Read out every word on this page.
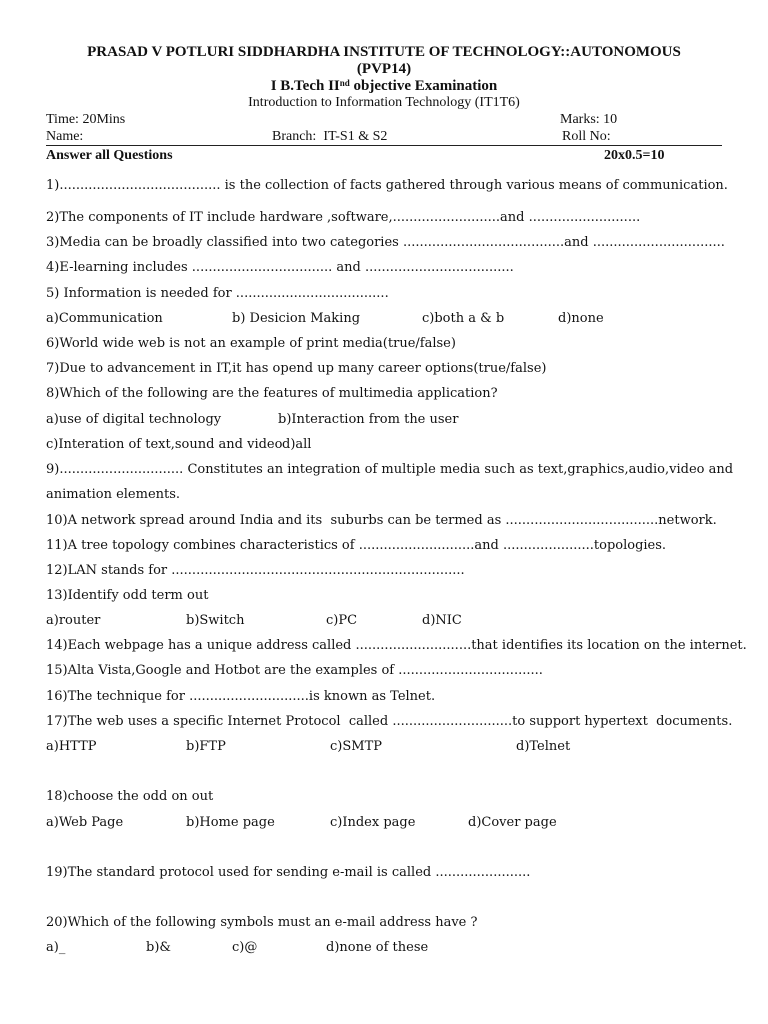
PRASAD V POTLURI SIDDHARDHA INSTITUTE OF TECHNOLOGY::AUTONOMOUS
(PVP14)
I B.Tech IInd objective Examination
Introduction to Information Technology (IT1T6)
Time: 20Mins	Marks: 10
Name:	Branch:  IT-S1 & S2	Roll No:
Answer all Questions	20x0.5=10
1)....................................... is the collection of facts gathered through various means of communication.
2)The components of IT include hardware ,software,..........................and ...........................
3)Media can be broadly classified into two categories .......................................and ................................
4)E-learning includes .................................. and ....................................
5) Information is needed for .....................................
a)Communication	b) Desicion Making	c)both a & b	d)none
6)World wide web is not an example of print media(true/false)
7)Due to advancement in IT,it has opend up many career options(true/false)
8)Which of the following are the features of multimedia application?
a)use of digital technology	b)Interaction from the user
c)Interation of text,sound and video d)all
9).............................. Constitutes an integration of multiple media such as text,graphics,audio,video and
animation elements.
10)A network spread around India and its  suburbs can be termed as .....................................network.
11)A tree topology combines characteristics of ............................and ......................topologies.
12)LAN stands for .......................................................................
13)Identify odd term out
a)router	b)Switch	c)PC	d)NIC
14)Each webpage has a unique address called ............................that identifies its location on the internet.
15)Alta Vista,Google and Hotbot are the examples of ...................................
16)The technique for .............................is known as Telnet.
17)The web uses a specific Internet Protocol  called .............................to support hypertext  documents.
a)HTTP	b)FTP	c)SMTP	d)Telnet
18)choose the odd on out
a)Web Page	b)Home page	c)Index page	d)Cover page
19)The standard protocol used for sending e-mail is called .......................
20)Which of the following symbols must an e-mail address have ?
a)_	b)&	c)@	d)none of these
